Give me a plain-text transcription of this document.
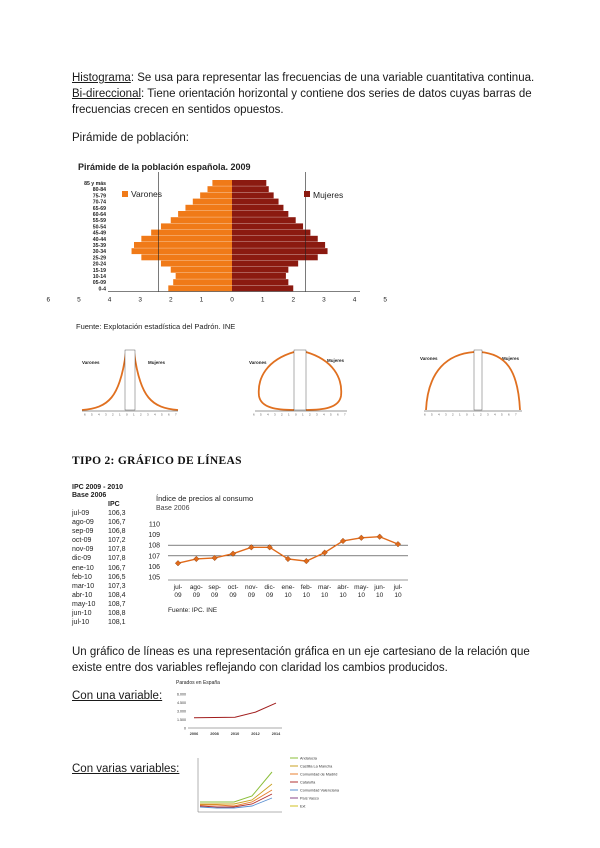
Histograma: Se usa para representar las frecuencias de una variable cuantitativa continua.
Bi-direccional: Tiene orientación horizontal y contiene dos series de datos cuyas barras de
frecuencias crecen en sentidos opuestos.
Pirámide de población:
Pirámide de la población española. 2009
85 y más
80-84
75-79
70-74
65-69
60-64
55-59
50-54
45-49
40-44
35-39
30-34
25-29
20-24
15-19
10-14
05-09
0-4
6	5	4	3	2	1	0	1	2	3	4	5
Varones	Mujeres
Fuente: Explotación estadística del Padrón. INE
Varones	Mujeres
6 5 4 3 2 1 0 1 2 3 4 5 6 7
Varones	Mujeres
6 5 4 3 2 1 0 1 2 3 4 5 6 7
Varones	Mujeres
6 5 4 3 2 1 0 1 2 3 4 5 6 7
TIPO 2: GRÁFICO DE LÍNEAS
IPC 2009 - 2010
Base 2006
IPC
jul-09	106,3
ago-09	106,7
sep-09	106,8
oct-09	107,2
nov-09	107,8
dic-09	107,8
ene-10	106,7
feb-10	106,5
mar-10	107,3
abr-10	108,4
may-10	108,7
jun-10	108,8
jul-10	108,1
Índice de precios al consumo
Base 2006
110
109
108
107
106
105
jul-
09
ago-
09
sep-
09
oct-
09
nov-
09
dic-
09
ene-
10
feb-
10
mar-
10
abr-
10
may-
10
jun-
10
jul-
10
Fuente: IPC. INE
Un gráfico de líneas es una representación gráfica en un eje cartesiano de la relación que
existe entre dos variables reflejando con claridad los cambios producidos.
Con una variable:
Parados en España
6.000
4.500
3.000
1.500
0
2006	2008	2010	2012	2014
Con varias variables:
Andalucía
Castilla La Mancha
Comunidad de Madrid
Cataluña
Comunidad Valenciana
País Vasco
Ext
